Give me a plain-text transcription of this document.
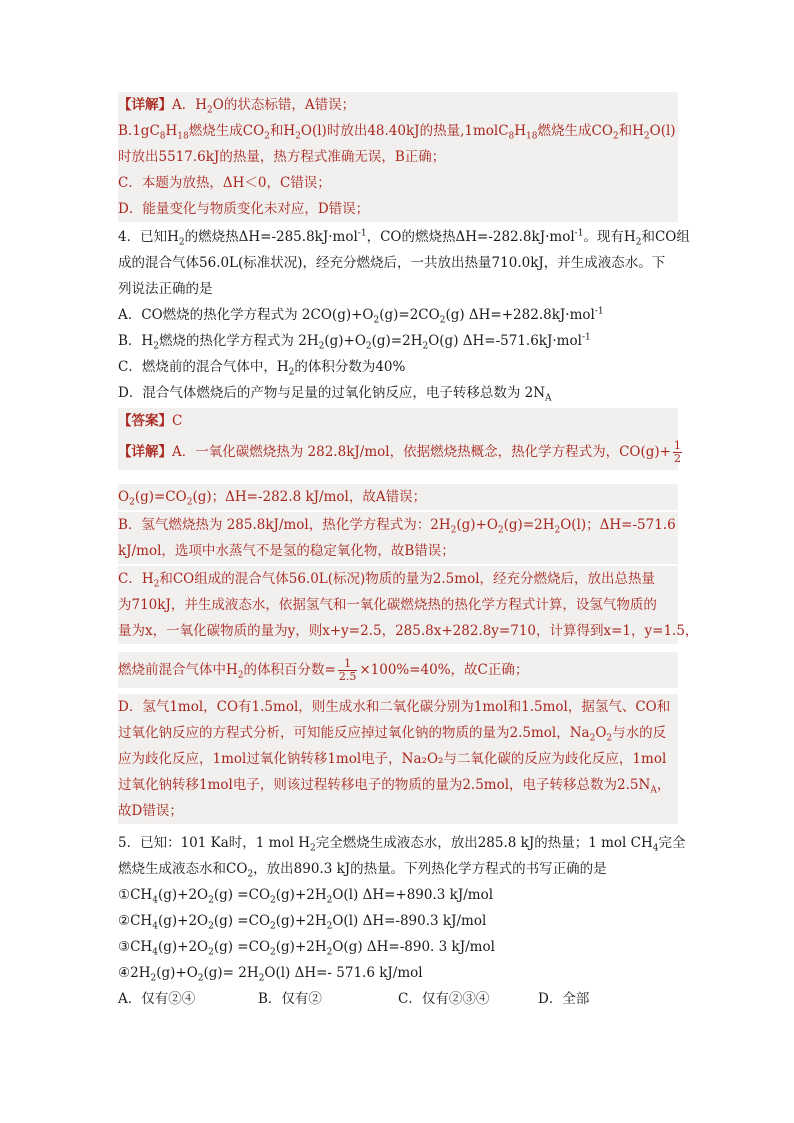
【详解】A．$H_2O$的状态标错，A错误；
$B.1gC_8H_{18}$燃烧生成$CO_2$和$H_2O(l)$时放出48.40kJ的热量$,1molC_8H_{18}$燃烧生成$CO_2$和$H_2O(l)$
时放出5517.6kJ的热量，热方程式准确无误，B正确；
C．本题为放热，ΔH＜0，C错误；
D．能量变化与物质变化未对应，D错误；
4．已知$H_2$的燃烧热ΔH=-285.8kJ·mol$^{-1}$，CO的燃烧热ΔH=-282.8kJ·mol$^{-1}$。现有$H_2$和CO组
成的混合气体56.0L(标准状况)，经充分燃烧后，一共放出热量710.0kJ，并生成液态水。下
列说法正确的是
A．CO燃烧的热化学方程式为 $2CO(g)+O_2(g)=2CO_2(g)$ ΔH=+282.8kJ·mol$^{-1}$
B．$H_2$燃烧的热化学方程式为 $2H_2(g)+O_2(g)=2H_2O(g)$ ΔH=-571.6kJ·mol$^{-1}$
C．燃烧前的混合气体中，$H_2$的体积分数为40%
D．混合气体燃烧后的产物与足量的过氧化钠反应，电子转移总数为 $2N_A$
【答案】C
【详解】A．一氧化碳燃烧热为 282.8kJ/mol，依据燃烧热概念，热化学方程式为，$CO(g)+ \frac{1}{2}$
$O_2(g)=CO_2(g)$；ΔH=-282.8 kJ/mol，故A错误；
B．氢气燃烧热为 285.8kJ/mol，热化学方程式为：$2H_2(g)+O_2(g)=2H_2O(l)$；ΔH=-571.6
kJ/mol，选项中水蒸气不是氢的稳定氧化物，故B错误；
C．$H_2$和CO组成的混合气体56.0L(标况)物质的量为2.5mol，经充分燃烧后，放出总热量
为710kJ，并生成液态水，依据氢气和一氧化碳燃烧热的热化学方程式计算，设氢气物质的
量为x，一氧化碳物质的量为y，则x+y=2.5，285.8x+282.8y=710，计算得到x=1，y=1.5，
燃烧前混合气体中$H_2$的体积百分数= $\frac{1}{2.5} \times 100\%=40\%$，故C正确；
D．氢气1mol，CO有1.5mol，则生成水和二氧化碳分别为1mol和1.5mol，据氢气、CO和
过氧化钠反应的方程式分析，可知能反应掉过氧化钠的物质的量为2.5mol，$Na_2O_2$与水的反
应为歧化反应，1mol过氧化钠转移1mol电子，Na₂O₂与二氧化碳的反应为歧化反应，1mol
过氧化钠转移1mol电子，则该过程转移电子的物质的量为2.5mol，电子转移总数为$2.5N_A$，
故D错误；
5．已知：101 Ka时，1 mol $H_2$完全燃烧生成液态水，放出285.8 kJ的热量；1 mol $CH_4$完全
燃烧生成液态水和$CO_2$，放出890.3 kJ的热量。下列热化学方程式的书写正确的是
$①CH_4(g)+2O_2(g) =CO_2(g)+2H_2O(l)$ ΔH=+890.3 kJ/mol
$②CH_4(g)+2O_2(g) =CO_2(g)+2H_2O(l)$ ΔH=-890.3 kJ/mol
$③CH_4(g)+2O_2(g) =CO_2(g)+2H_2O(g)$ ΔH=-890. 3 kJ/mol
$④2H_2(g)+O_2(g)= 2H_2O(l)$ ΔH=- 571.6 kJ/mol
A．仅有②④	B．仅有②	C．仅有②③④	D．全部
